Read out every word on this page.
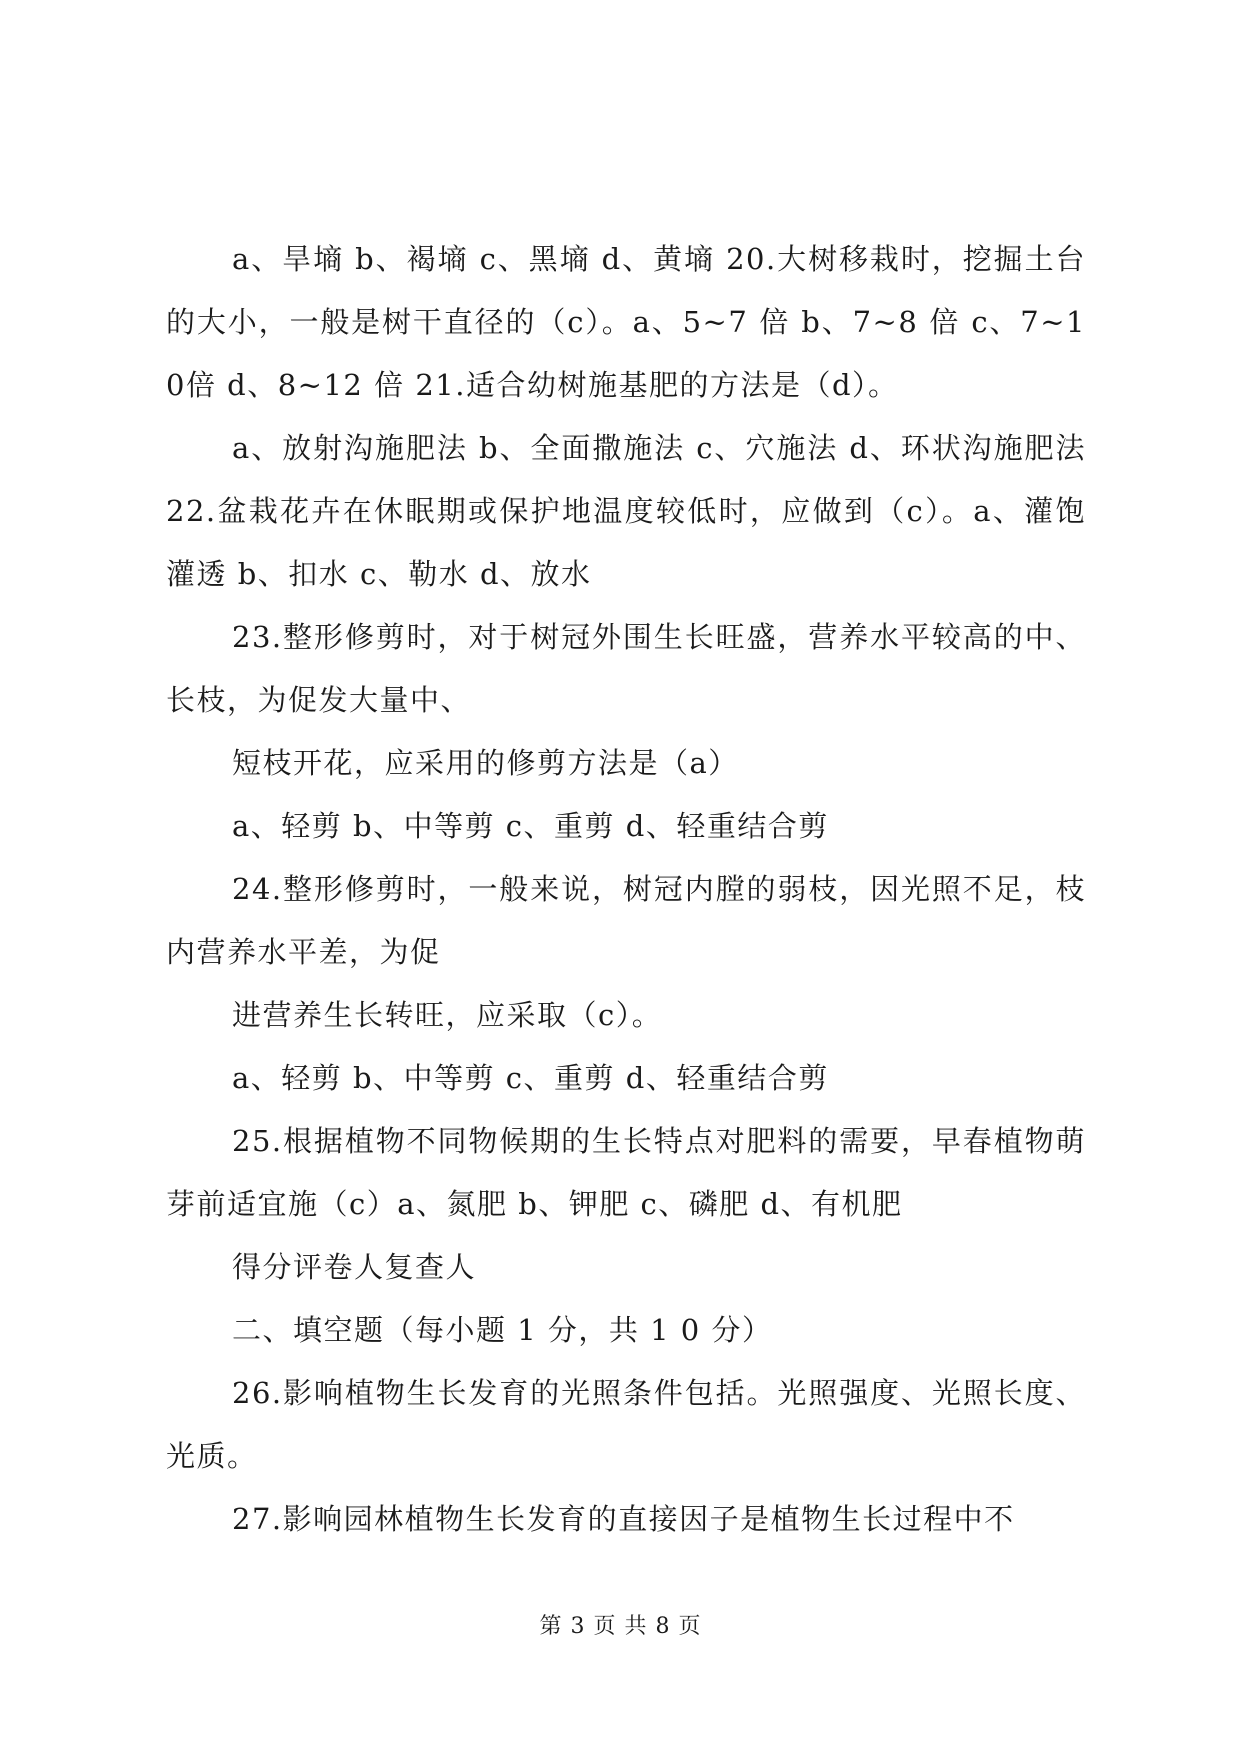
a、旱墒 b、褐墒 c、黑墒 d、黄墒 20.大树移栽时，挖掘土台的大小，一般是树干直径的（c）。a、5~7 倍 b、7~8 倍 c、7~10倍 d、8~12 倍 21.适合幼树施基肥的方法是（d）。

a、放射沟施肥法 b、全面撒施法 c、穴施法 d、环状沟施肥法 22.盆栽花卉在休眠期或保护地温度较低时，应做到（c）。a、灌饱灌透 b、扣水 c、勒水 d、放水

23.整形修剪时，对于树冠外围生长旺盛，营养水平较高的中、长枝，为促发大量中、

短枝开花，应采用的修剪方法是（a）

a、轻剪 b、中等剪 c、重剪 d、轻重结合剪

24.整形修剪时，一般来说，树冠内膛的弱枝，因光照不足，枝内营养水平差，为促

进营养生长转旺，应采取（c）。

a、轻剪 b、中等剪 c、重剪 d、轻重结合剪

25.根据植物不同物候期的生长特点对肥料的需要，早春植物萌芽前适宜施（c）a、氮肥 b、钾肥 c、磷肥 d、有机肥

得分评卷人复查人

二、填空题（每小题 1 分，共 1 0 分）

26.影响植物生长发育的光照条件包括。光照强度、光照长度、光质。

27.影响园林植物生长发育的直接因子是植物生长过程中不

第 3 页 共 8 页
